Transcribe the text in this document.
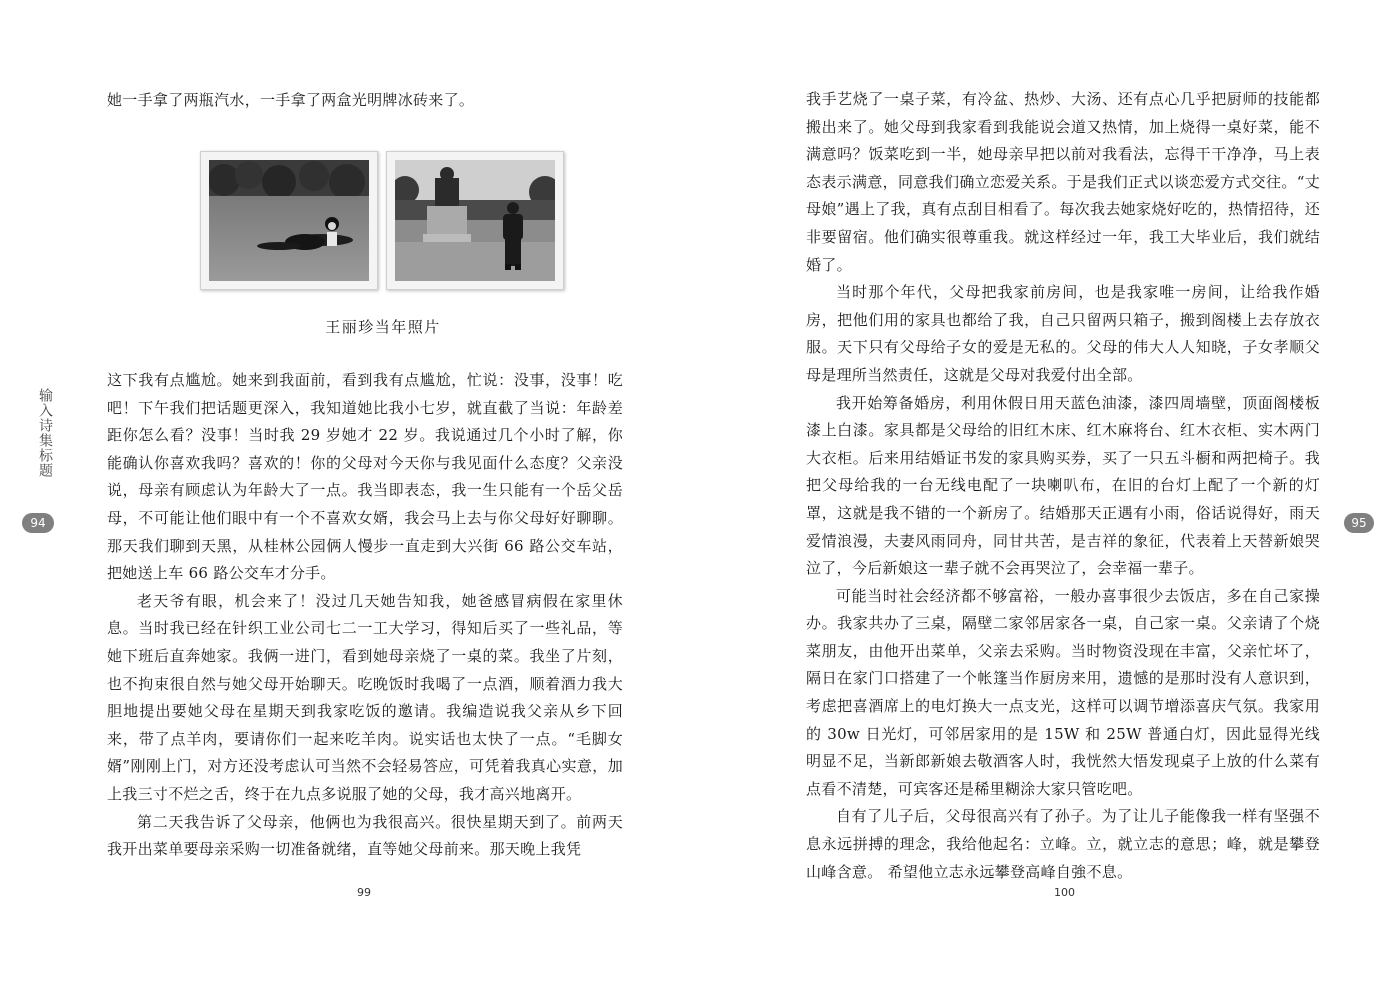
她一手拿了两瓶汽水，一手拿了两盒光明牌冰砖来了。

王丽珍当年照片

这下我有点尴尬。她来到我面前，看到我有点尴尬，忙说：没事，没事！吃吧！下午我们把话题更深入，我知道她比我小七岁，就直截了当说：年龄差距你怎么看？没事！当时我 29 岁她才 22 岁。我说通过几个小时了解，你能确认你喜欢我吗？喜欢的！你的父母对今天你与我见面什么态度？父亲没说，母亲有顾虑认为年龄大了一点。我当即表态，我一生只能有一个岳父岳母，不可能让他们眼中有一个不喜欢女婿，我会马上去与你父母好好聊聊。那天我们聊到天黑，从桂林公园俩人慢步一直走到大兴街 66 路公交车站，把她送上车 66 路公交车才分手。

老天爷有眼，机会来了！没过几天她告知我，她爸感冒病假在家里休息。当时我已经在针织工业公司七二一工大学习，得知后买了一些礼品，等她下班后直奔她家。我俩一进门，看到她母亲烧了一桌的菜。我坐了片刻，也不拘束很自然与她父母开始聊天。吃晚饭时我喝了一点酒，顺着酒力我大胆地提出要她父母在星期天到我家吃饭的邀请。我编造说我父亲从乡下回来，带了点羊肉，要请你们一起来吃羊肉。说实话也太快了一点。“毛脚女婿”刚刚上门，对方还没考虑认可当然不会轻易答应，可凭着我真心实意，加上我三寸不烂之舌，终于在九点多说服了她的父母，我才高兴地离开。

第二天我告诉了父母亲，他俩也为我很高兴。很快星期天到了。前两天我开出菜单要母亲采购一切准备就绪，直等她父母前来。那天晚上我凭

99

我手艺烧了一桌子菜，有冷盆、热炒、大汤、还有点心几乎把厨师的技能都搬出来了。她父母到我家看到我能说会道又热情，加上烧得一桌好菜，能不满意吗？饭菜吃到一半，她母亲早把以前对我看法，忘得干干净净，马上表态表示满意，同意我们确立恋爱关系。于是我们正式以谈恋爱方式交往。“丈母娘”遇上了我，真有点刮目相看了。每次我去她家烧好吃的，热情招待，还非要留宿。他们确实很尊重我。就这样经过一年，我工大毕业后，我们就结婚了。

当时那个年代，父母把我家前房间，也是我家唯一房间，让给我作婚房，把他们用的家具也都给了我，自己只留两只箱子，搬到阁楼上去存放衣服。天下只有父母给子女的爱是无私的。父母的伟大人人知晓，子女孝顺父母是理所当然责任，这就是父母对我爱付出全部。

我开始筹备婚房，利用休假日用天蓝色油漆，漆四周墙壁，顶面阁楼板漆上白漆。家具都是父母给的旧红木床、红木麻将台、红木衣柜、实木两门大衣柜。后来用结婚证书发的家具购买券，买了一只五斗橱和两把椅子。我把父母给我的一台无线电配了一块喇叭布，在旧的台灯上配了一个新的灯罩，这就是我不错的一个新房了。结婚那天正遇有小雨，俗话说得好，雨天爱情浪漫，夫妻风雨同舟，同甘共苦，是吉祥的象征，代表着上天替新娘哭泣了，今后新娘这一辈子就不会再哭泣了，会幸福一辈子。

可能当时社会经济都不够富裕，一般办喜事很少去饭店，多在自己家操办。我家共办了三桌，隔壁二家邻居家各一桌，自己家一桌。父亲请了个烧菜朋友，由他开出菜单，父亲去采购。当时物资没现在丰富，父亲忙坏了，隔日在家门口搭建了一个帐篷当作厨房来用，遗憾的是那时没有人意识到，考虑把喜酒席上的电灯换大一点支光，这样可以调节增添喜庆气氛。我家用的 30w 日光灯，可邻居家用的是 15W 和 25W 普通白灯，因此显得光线明显不足，当新郎新娘去敬酒客人时，我恍然大悟发现桌子上放的什么菜有点看不清楚，可宾客还是稀里糊涂大家只管吃吧。

自有了儿子后，父母很高兴有了孙子。为了让儿子能像我一样有坚强不息永远拼搏的理念，我给他起名：立峰。立，就立志的意思；峰，就是攀登山峰含意。 希望他立志永远攀登高峰自強不息。

100
输入诗集标题
94	95
